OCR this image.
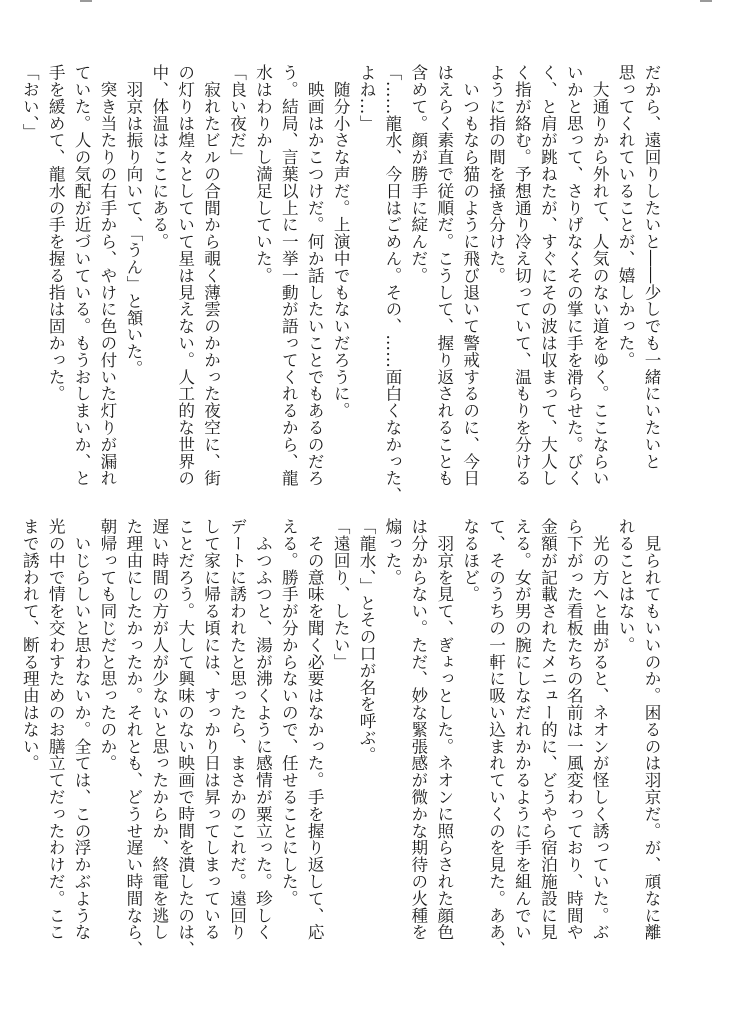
だから、遠回りしたいと――少しでも一緒にいたいと
思ってくれていることが、嬉しかった。
　大通りから外れて、人気のない道をゆく。ここならい
いかと思って、さりげなくその掌に手を滑らせた。びく
く、と肩が跳ねたが、すぐにその波は収まって、大人し
く指が絡む。予想通り冷え切っていて、温もりを分ける
ように指の間を掻き分けた。
　いつもなら猫のように飛び退いて警戒するのに、今日
はえらく素直で従順だ。こうして、握り返されることも
含めて。顔が勝手に綻んだ。
「……龍水、今日はごめん。その、……面白くなかった、
よね…」
　随分小さな声だ。上演中でもないだろうに。
　映画はかこつけだ。何か話したいことでもあるのだろ
う。結局、言葉以上に一挙一動が語ってくれるから、龍
水はわりかし満足していた。
「良い夜だ」
　寂れたビルの合間から覗く薄雲のかかった夜空に、街
の灯りは煌々としていて星は見えない。人工的な世界の
中、体温はここにある。
　羽京は振り向いて、「うん」と頷いた。
　突き当たりの右手から、やけに色の付いた灯りが漏れ
ていた。人の気配が近づいている。もうおしまいか、と
手を緩めて、龍水の手を握る指は固かった。
「おい、」
　見られてもいいのか。困るのは羽京だ。が、頑なに離
れることはない。
　光の方へと曲がると、ネオンが怪しく誘っていた。ぶ
ら下がった看板たちの名前は一風変わっており、時間や
金額が記載されたメニュー的に、どうやら宿泊施設に見
える。女が男の腕にしなだれかかるように手を組んでい
て、そのうちの一軒に吸い込まれていくのを見た。ああ、
なるほど。
　羽京を見て、ぎょっとした。ネオンに照らされた顔色
は分からない。ただ、妙な緊張感が微かな期待の火種を
煽った。
「龍水、」とその口が名を呼ぶ。
「遠回り、したい」
　その意味を聞く必要はなかった。手を握り返して、応
える。勝手が分からないので、任せることにした。
　ふつふつと、湯が沸くように感情が粟立った。珍しく
デートに誘われたと思ったら、まさかのこれだ。遠回り
して家に帰る頃には、すっかり日は昇ってしまっている
ことだろう。大して興味のない映画で時間を潰したのは、
遅い時間の方が人が少ないと思ったからか、終電を逃し
た理由にしたかったか。それとも、どうせ遅い時間なら、
朝帰っても同じだと思ったのか。
　いじらしいと思わないか。全ては、この浮かぶような
光の中で情を交わすためのお膳立てだったわけだ。ここ
まで誘われて、断る理由はない。
